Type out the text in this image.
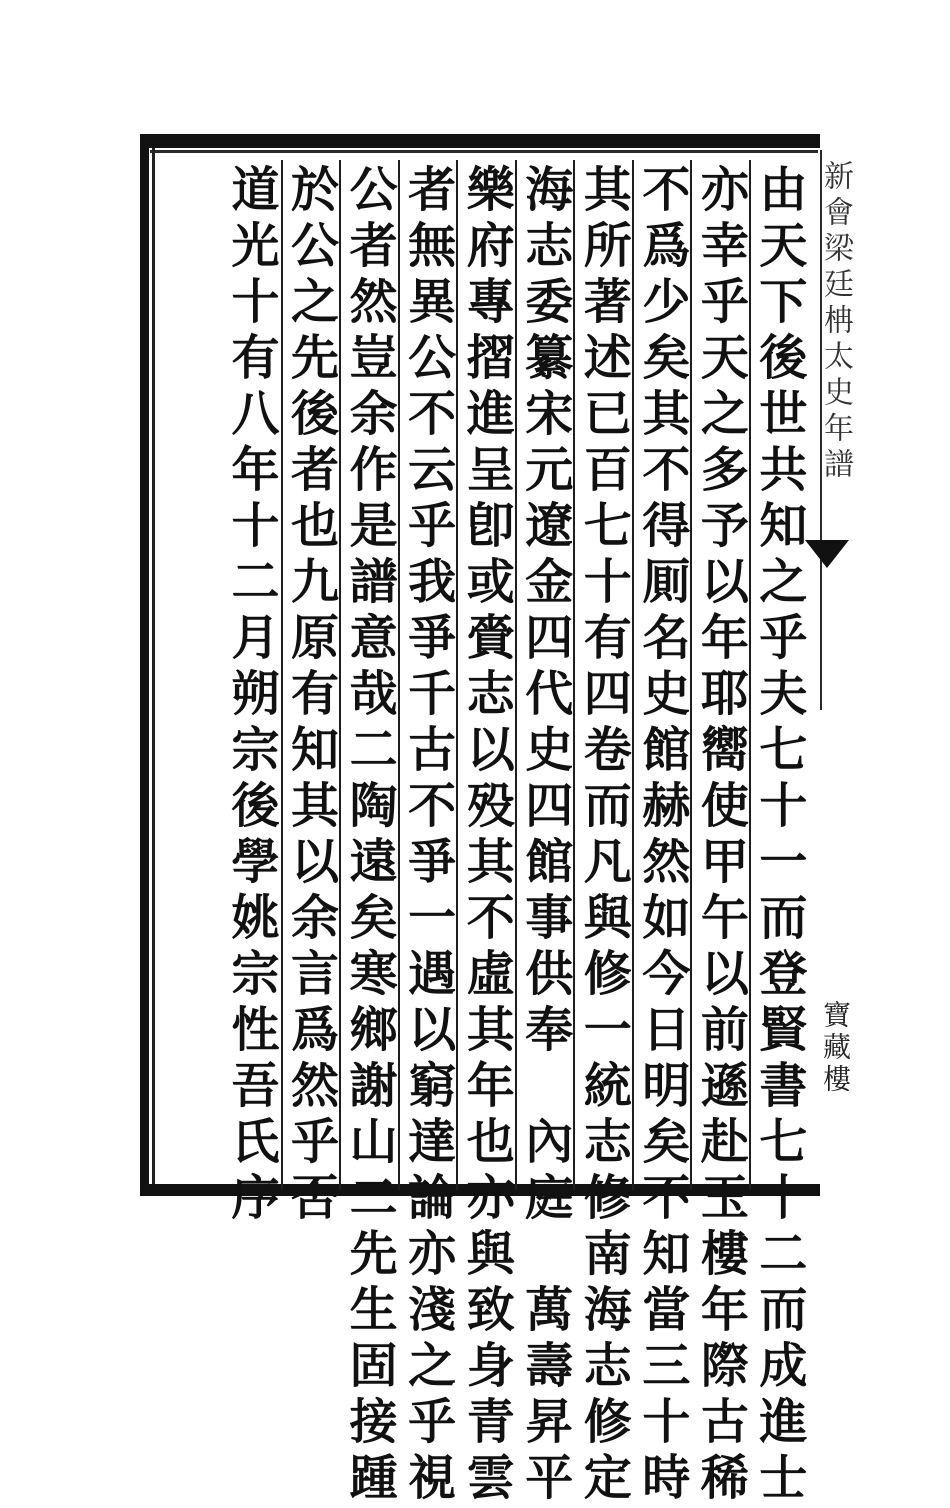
新會梁廷柟太史年譜
寶藏樓
由天下後世共知之乎夫七十一而登賢書七十二而成進士
亦幸乎天之多予以年耶嚮使甲午以前遜赴玉樓年際古稀
不爲少矣其不得厠名史館赫然如今日明矣不知當三十時
其所著述已百七十有四卷而凡與修一統志修南海志修定
海志委纂宋元遼金四代史四館事供奉　內庭　萬壽昇平
樂府專摺進呈卽或賫志以殁其不虛其年也亦與致身青雲
者無異公不云乎我爭千古不爭一遇以窮達論亦淺之乎視
公者然豈余作是譜意哉二陶遠矣寒鄉謝山二先生固接踵
於公之先後者也九原有知其以余言爲然乎否
道光十有八年十二月朔宗後學姚宗性吾氏序
